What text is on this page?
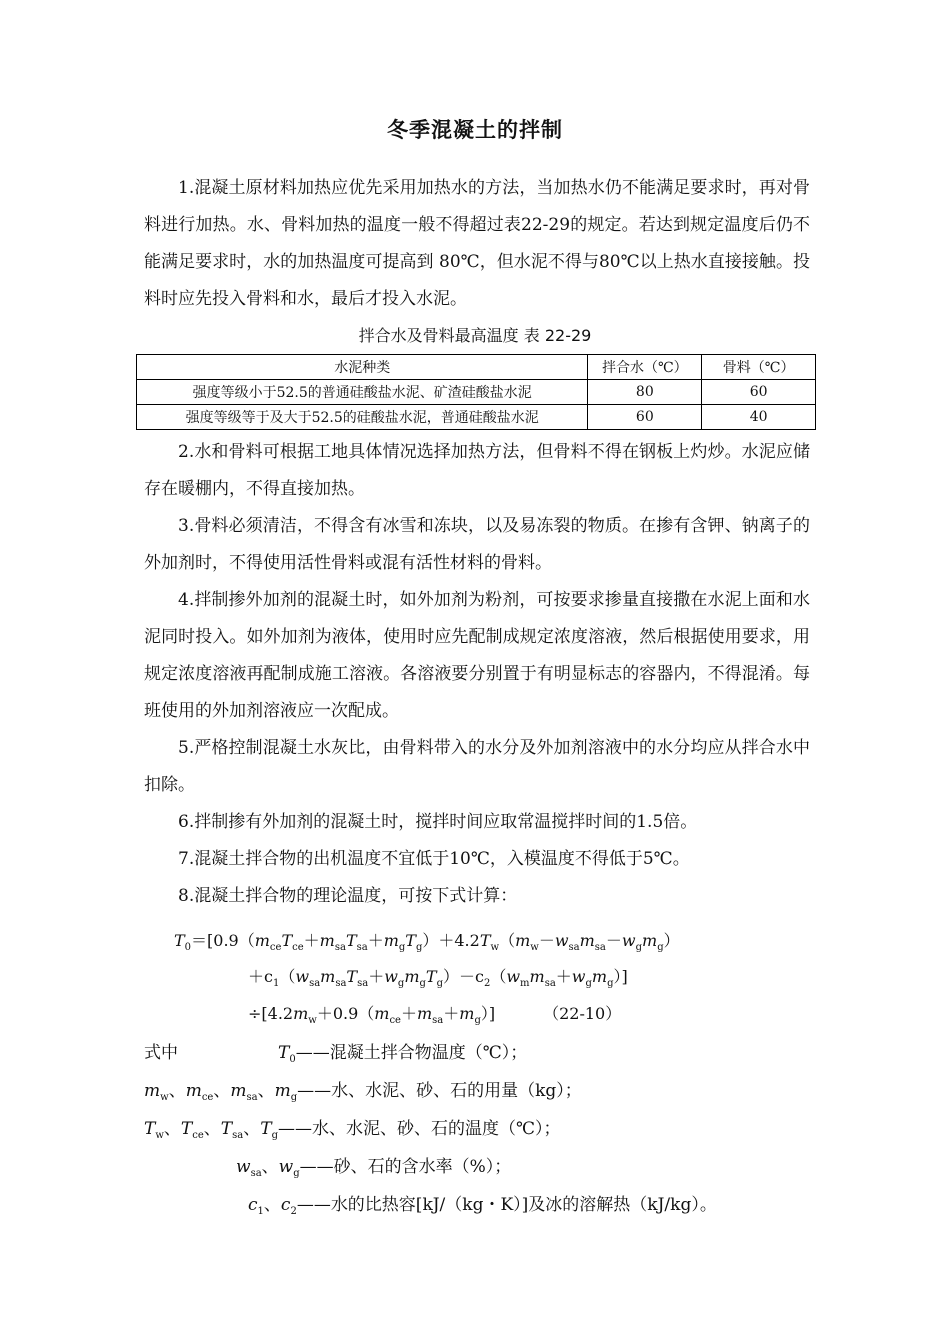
冬季混凝土的拌制

1.混凝土原材料加热应优先采用加热水的方法，当加热水仍不能满足要求时，再对骨料进行加热。水、骨料加热的温度一般不得超过表22-29的规定。若达到规定温度后仍不能满足要求时，水的加热温度可提高到 80℃，但水泥不得与80℃以上热水直接接触。投料时应先投入骨料和水，最后才投入水泥。

拌合水及骨料最高温度 表 22-29
水泥种类	拌合水（℃）	骨料（℃）
强度等级小于52.5的普通硅酸盐水泥、矿渣硅酸盐水泥	80	60
强度等级等于及大于52.5的硅酸盐水泥，普通硅酸盐水泥	60	40

2.水和骨料可根据工地具体情况选择加热方法，但骨料不得在钢板上灼炒。水泥应储存在暖棚内，不得直接加热。

3.骨料必须清洁，不得含有冰雪和冻块，以及易冻裂的物质。在掺有含钾、钠离子的外加剂时，不得使用活性骨料或混有活性材料的骨料。

4.拌制掺外加剂的混凝土时，如外加剂为粉剂，可按要求掺量直接撒在水泥上面和水泥同时投入。如外加剂为液体，使用时应先配制成规定浓度溶液，然后根据使用要求，用规定浓度溶液再配制成施工溶液。各溶液要分别置于有明显标志的容器内，不得混淆。每班使用的外加剂溶液应一次配成。

5.严格控制混凝土水灰比，由骨料带入的水分及外加剂溶液中的水分均应从拌合水中扣除。

6.拌制掺有外加剂的混凝土时，搅拌时间应取常温搅拌时间的1.5倍。

7.混凝土拌合物的出机温度不宜低于10℃，入模温度不得低于5℃。

8.混凝土拌合物的理论温度，可按下式计算：

$T_0=[0.9(m_{ce}T_{ce}+m_{sa}T_{sa}+m_gT_g)+4.2T_w(m_w-w_{sa}m_{sa}-w_gm_g)$
$+c_1(w_{sa}m_{sa}T_{sa}+w_gm_gT_g)-c_2(w_mm_{sa}+w_gm_g)$]
$\div[4.2m_w+0.9(m_{ce}+m_{sa}+m_g)]$	（22-10）
式中	$T_0——$混凝土拌合物温度（℃）；
$m_w$、$m_{ce}$、$m_{sa}$、$m_g——$水、水泥、砂、石的用量（kg）；
$T_w$、$T_{ce}$、$T_{sa}$、$T_g——$水、水泥、砂、石的温度（℃）；
$w_{sa}$、$w_g——$砂、石的含水率（%）；
$c_1$、$c_2——$水的比热容[kJ/（kg・K）]及冰的溶解热（kJ/kg）。
